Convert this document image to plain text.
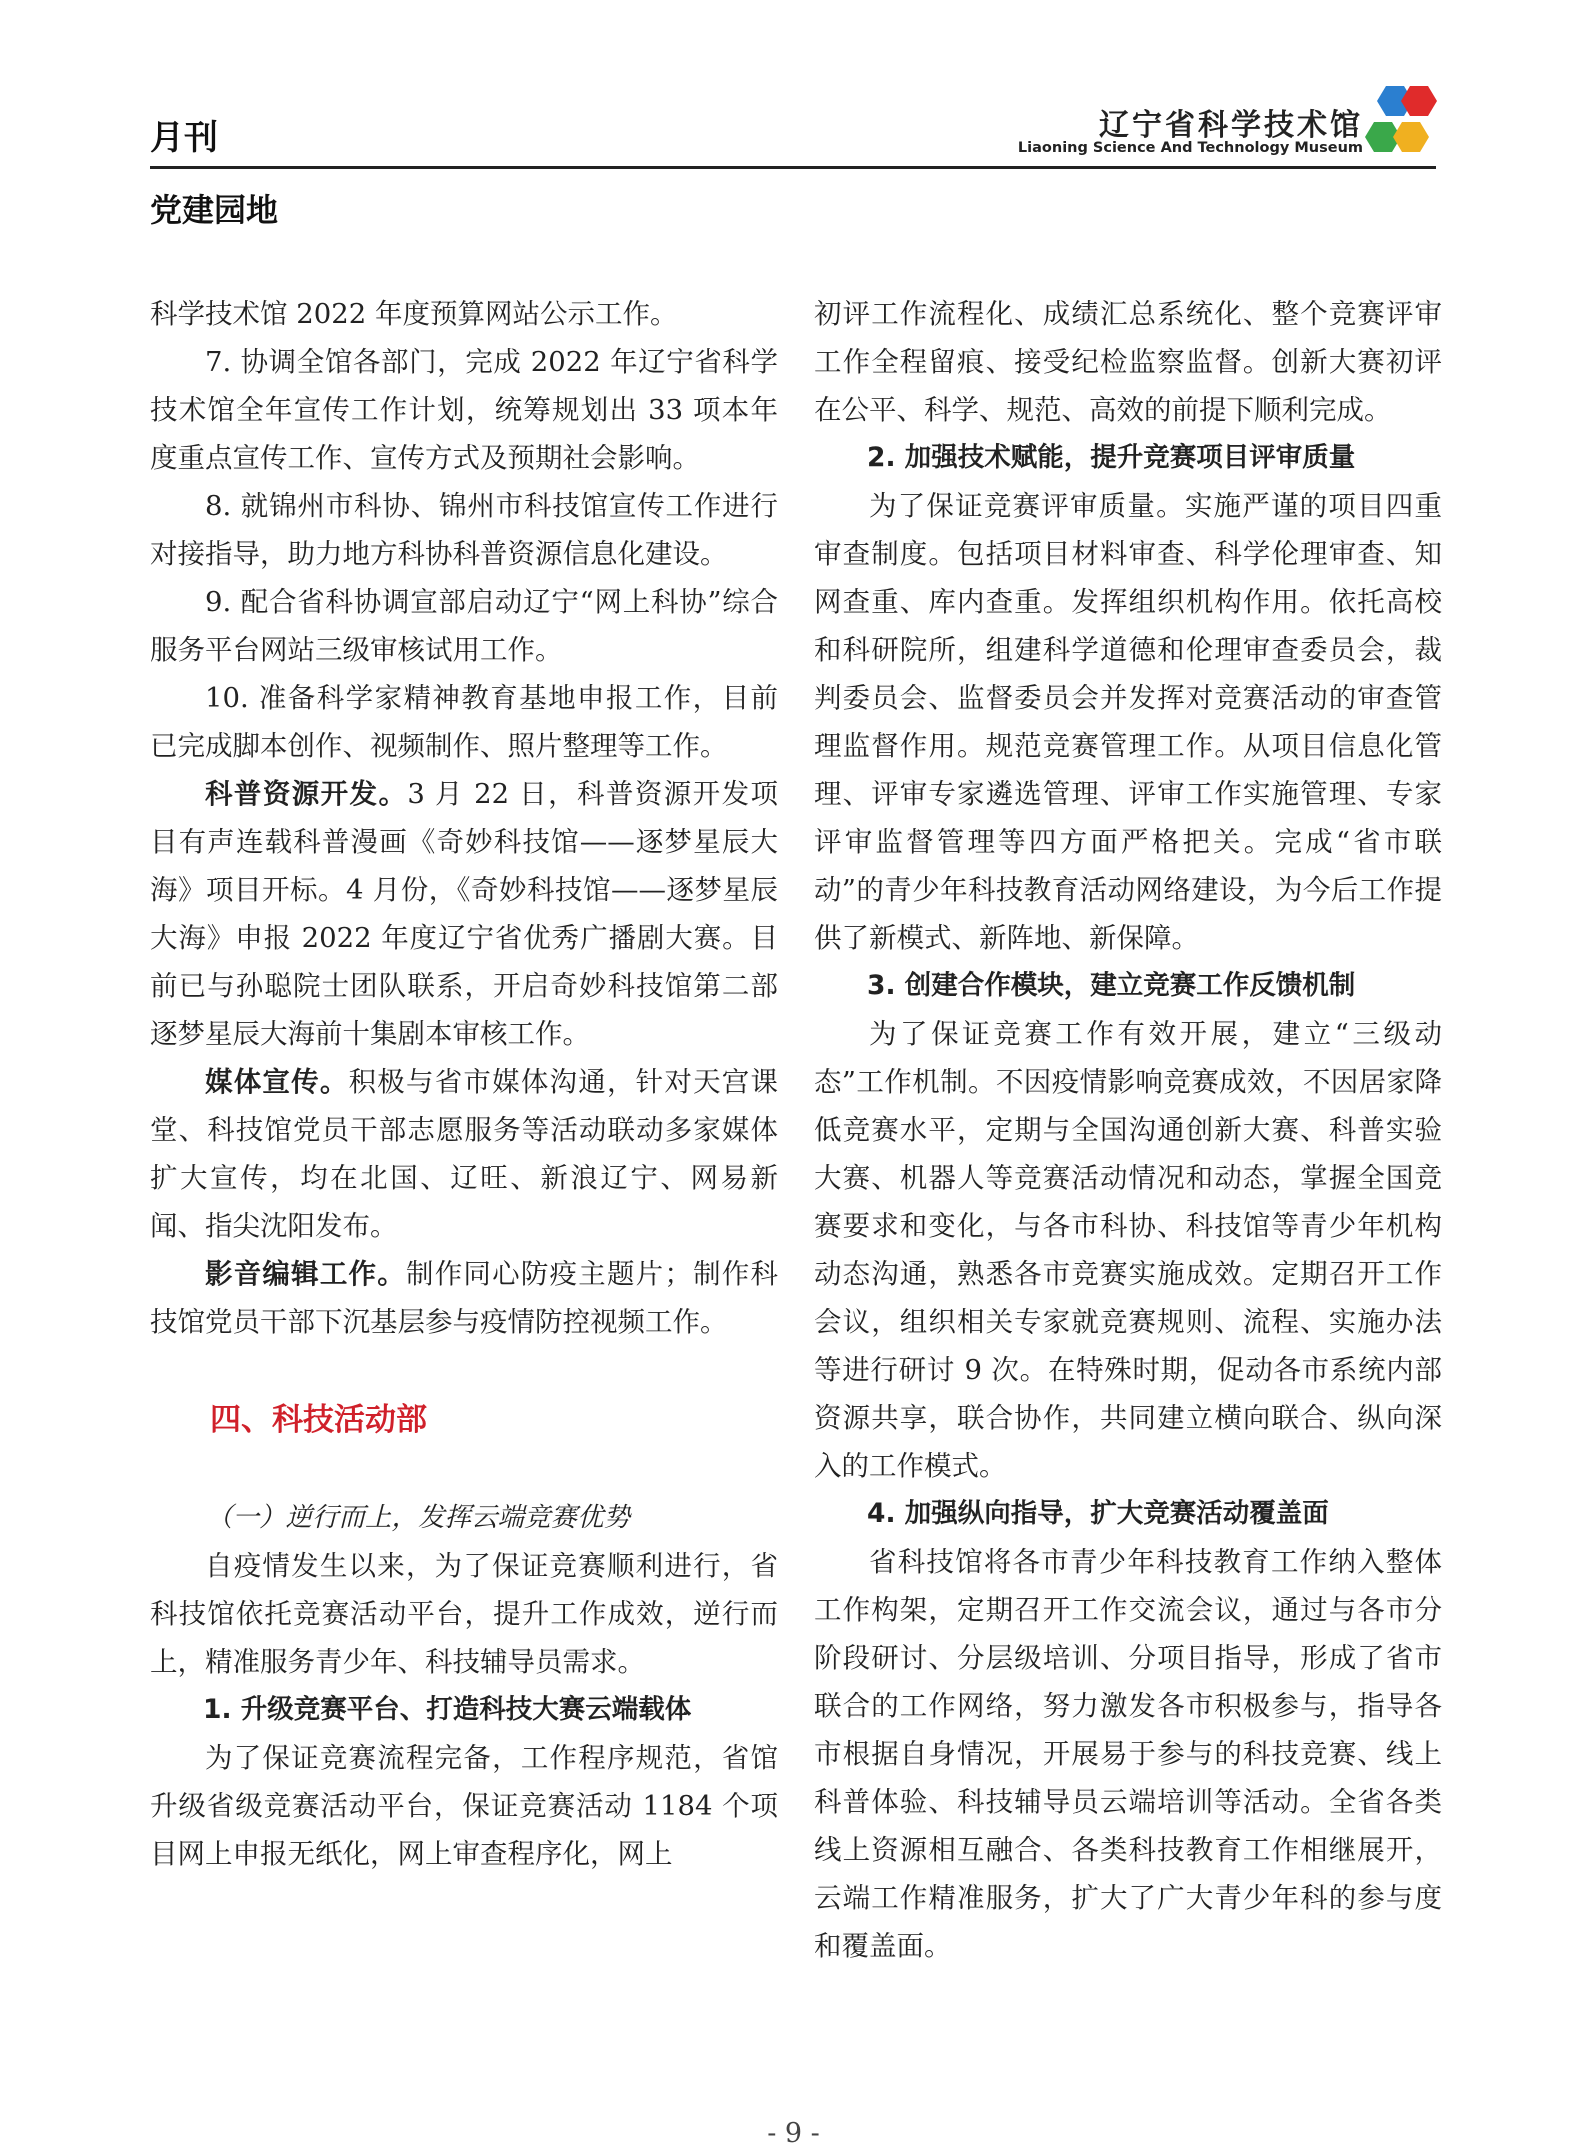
月刊	辽宁省科学技术馆
Liaoning Science And Technology Museum
党建园地

科学技术馆 2022 年度预算网站公示工作。

7. 协调全馆各部门，完成 2022 年辽宁省科学技术馆全年宣传工作计划，统筹规划出 33 项本年度重点宣传工作、宣传方式及预期社会影响。

8. 就锦州市科协、锦州市科技馆宣传工作进行对接指导，助力地方科协科普资源信息化建设。

9. 配合省科协调宣部启动辽宁“网上科协”综合服务平台网站三级审核试用工作。

10. 准备科学家精神教育基地申报工作，目前已完成脚本创作、视频制作、照片整理等工作。

科普资源开发。3 月 22 日，科普资源开发项目有声连载科普漫画《奇妙科技馆——逐梦星辰大海》项目开标。4 月份，《奇妙科技馆——逐梦星辰大海》申报 2022 年度辽宁省优秀广播剧大赛。目前已与孙聪院士团队联系，开启奇妙科技馆第二部逐梦星辰大海前十集剧本审核工作。

媒体宣传。积极与省市媒体沟通，针对天宫课堂、科技馆党员干部志愿服务等活动联动多家媒体扩大宣传，均在北国、辽旺、新浪辽宁、网易新闻、指尖沈阳发布。

影音编辑工作。制作同心防疫主题片；制作科技馆党员干部下沉基层参与疫情防控视频工作。

四、科技活动部

（一）逆行而上，发挥云端竞赛优势

自疫情发生以来，为了保证竞赛顺利进行，省科技馆依托竞赛活动平台，提升工作成效，逆行而上，精准服务青少年、科技辅导员需求。

1. 升级竞赛平台、打造科技大赛云端载体

为了保证竞赛流程完备，工作程序规范，省馆升级省级竞赛活动平台，保证竞赛活动 1184 个项目网上申报无纸化，网上审查程序化，网上

初评工作流程化、成绩汇总系统化、整个竞赛评审工作全程留痕、接受纪检监察监督。创新大赛初评在公平、科学、规范、高效的前提下顺利完成。

2. 加强技术赋能，提升竞赛项目评审质量

为了保证竞赛评审质量。实施严谨的项目四重审查制度。包括项目材料审查、科学伦理审查、知网查重、库内查重。发挥组织机构作用。依托高校和科研院所，组建科学道德和伦理审查委员会，裁判委员会、监督委员会并发挥对竞赛活动的审查管理监督作用。规范竞赛管理工作。从项目信息化管理、评审专家遴选管理、评审工作实施管理、专家评审监督管理等四方面严格把关。完成“省市联动”的青少年科技教育活动网络建设，为今后工作提供了新模式、新阵地、新保障。

3. 创建合作模块，建立竞赛工作反馈机制

为了保证竞赛工作有效开展，建立“三级动态”工作机制。不因疫情影响竞赛成效，不因居家降低竞赛水平，定期与全国沟通创新大赛、科普实验大赛、机器人等竞赛活动情况和动态，掌握全国竞赛要求和变化，与各市科协、科技馆等青少年机构动态沟通，熟悉各市竞赛实施成效。定期召开工作会议，组织相关专家就竞赛规则、流程、实施办法等进行研讨 9 次。在特殊时期，促动各市系统内部资源共享，联合协作，共同建立横向联合、纵向深入的工作模式。

4. 加强纵向指导，扩大竞赛活动覆盖面

省科技馆将各市青少年科技教育工作纳入整体工作构架，定期召开工作交流会议，通过与各市分阶段研讨、分层级培训、分项目指导，形成了省市联合的工作网络，努力激发各市积极参与，指导各市根据自身情况，开展易于参与的科技竞赛、线上科普体验、科技辅导员云端培训等活动。全省各类线上资源相互融合、各类科技教育工作相继展开，云端工作精准服务，扩大了广大青少年科的参与度和覆盖面。

- 9 -
